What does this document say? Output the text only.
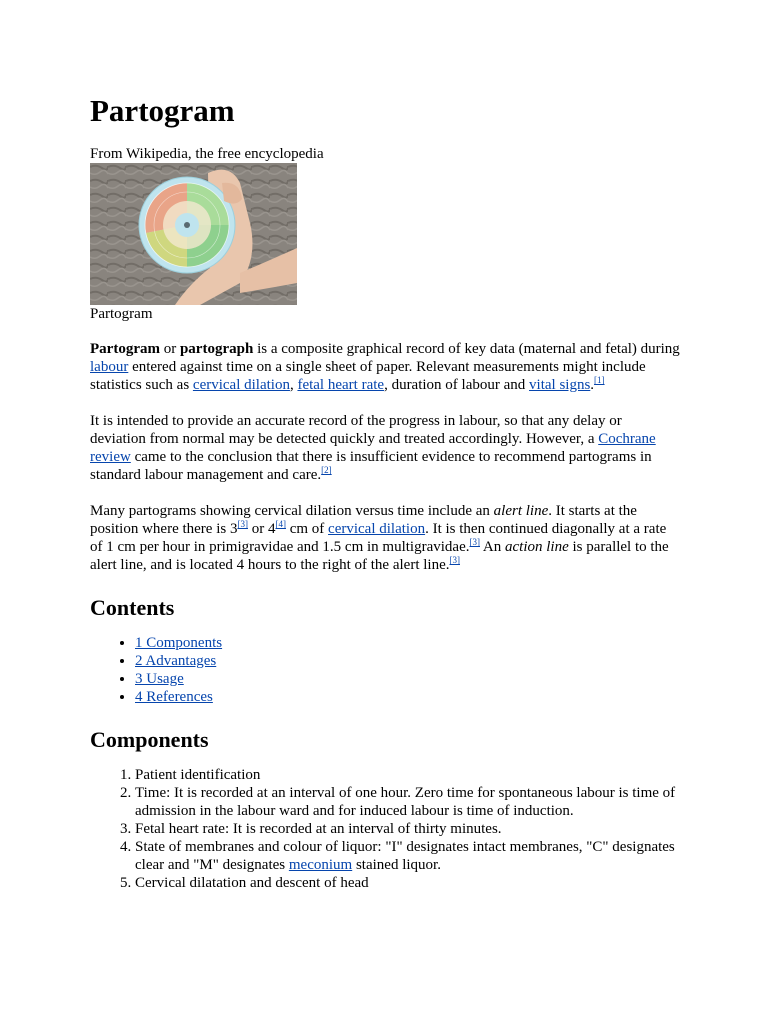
Partogram
From Wikipedia, the free encyclopedia
Partogram

Partogram or partograph is a composite graphical record of key data (maternal and fetal) during labour entered against time on a single sheet of paper. Relevant measurements might include statistics such as cervical dilation, fetal heart rate, duration of labour and vital signs.[1]

It is intended to provide an accurate record of the progress in labour, so that any delay or deviation from normal may be detected quickly and treated accordingly. However, a Cochrane review came to the conclusion that there is insufficient evidence to recommend partograms in standard labour management and care.[2]

Many partograms showing cervical dilation versus time include an alert line. It starts at the position where there is 3[3] or 4[4] cm of cervical dilation. It is then continued diagonally at a rate of 1 cm per hour in primigravidae and 1.5 cm in multigravidae.[3] An action line is parallel to the alert line, and is located 4 hours to the right of the alert line.[3]

Contents
• 1 Components
• 2 Advantages
• 3 Usage
• 4 References
Components
1. Patient identification
2. Time: It is recorded at an interval of one hour. Zero time for spontaneous labour is time of admission in the labour ward and for induced labour is time of induction.
3. Fetal heart rate: It is recorded at an interval of thirty minutes.
4. State of membranes and colour of liquor: "I" designates intact membranes, "C" designates clear and "M" designates meconium stained liquor.
5. Cervical dilatation and descent of head
